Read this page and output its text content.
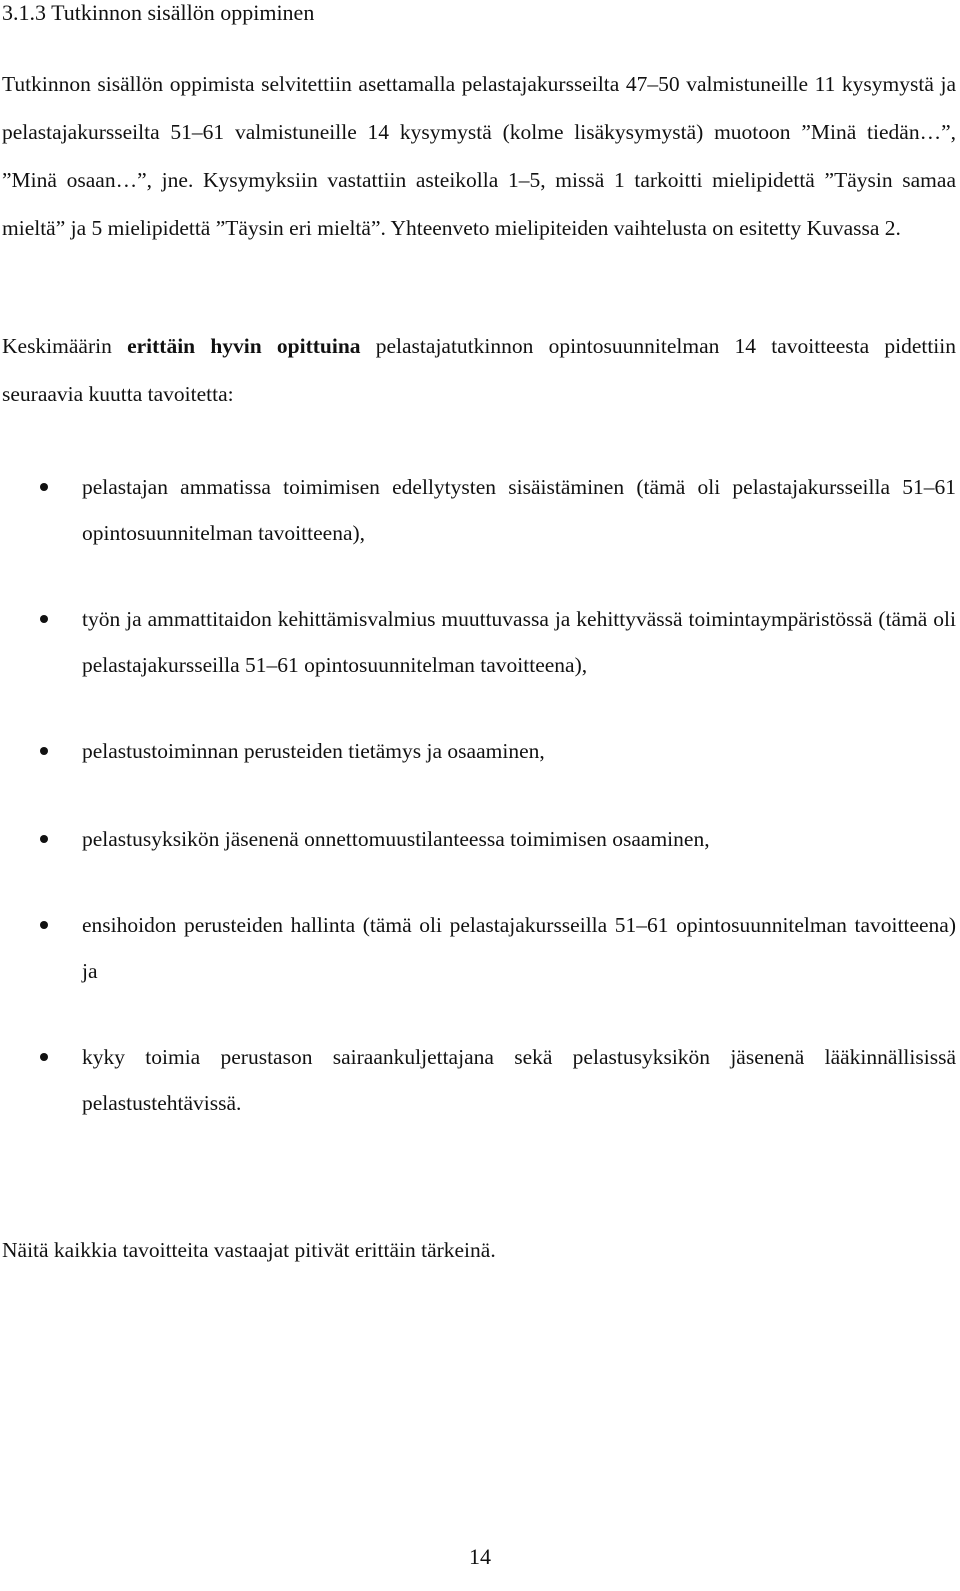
3.1.3 Tutkinnon sisällön oppiminen

Tutkinnon sisällön oppimista selvitettiin asettamalla pelastajakursseilta 47–50 valmistuneille 11 kysymystä ja pelastajakursseilta 51–61 valmistuneille 14 kysymystä (kolme lisäkysymystä) muotoon ”Minä tiedän…”, ”Minä osaan…”, jne. Kysymyksiin vastattiin asteikolla 1–5, missä 1 tarkoitti mielipidettä ”Täysin samaa mieltä” ja 5 mielipidettä ”Täysin eri mieltä”. Yhteenveto mielipiteiden vaihtelusta on esitetty Kuvassa 2.

Keskimäärin erittäin hyvin opittuina pelastajatutkinnon opintosuunnitelman 14 tavoitteesta pidettiin seuraavia kuutta tavoitetta:

pelastajan ammatissa toimimisen edellytysten sisäistäminen (tämä oli pelastajakursseilla 51–61 opintosuunnitelman tavoitteena),
työn ja ammattitaidon kehittämisvalmius muuttuvassa ja kehittyvässä toimintaympäristössä (tämä oli pelastajakursseilla 51–61 opintosuunnitelman tavoitteena),
pelastustoiminnan perusteiden tietämys ja osaaminen,
pelastusyksikön jäsenenä onnettomuustilanteessa toimimisen osaaminen,
ensihoidon perusteiden hallinta (tämä oli pelastajakursseilla 51–61 opintosuunnitelman tavoitteena) ja
kyky toimia perustason sairaankuljettajana sekä pelastusyksikön jäsenenä lääkinnällisissä pelastustehtävissä.

Näitä kaikkia tavoitteita vastaajat pitivät erittäin tärkeinä.

14
